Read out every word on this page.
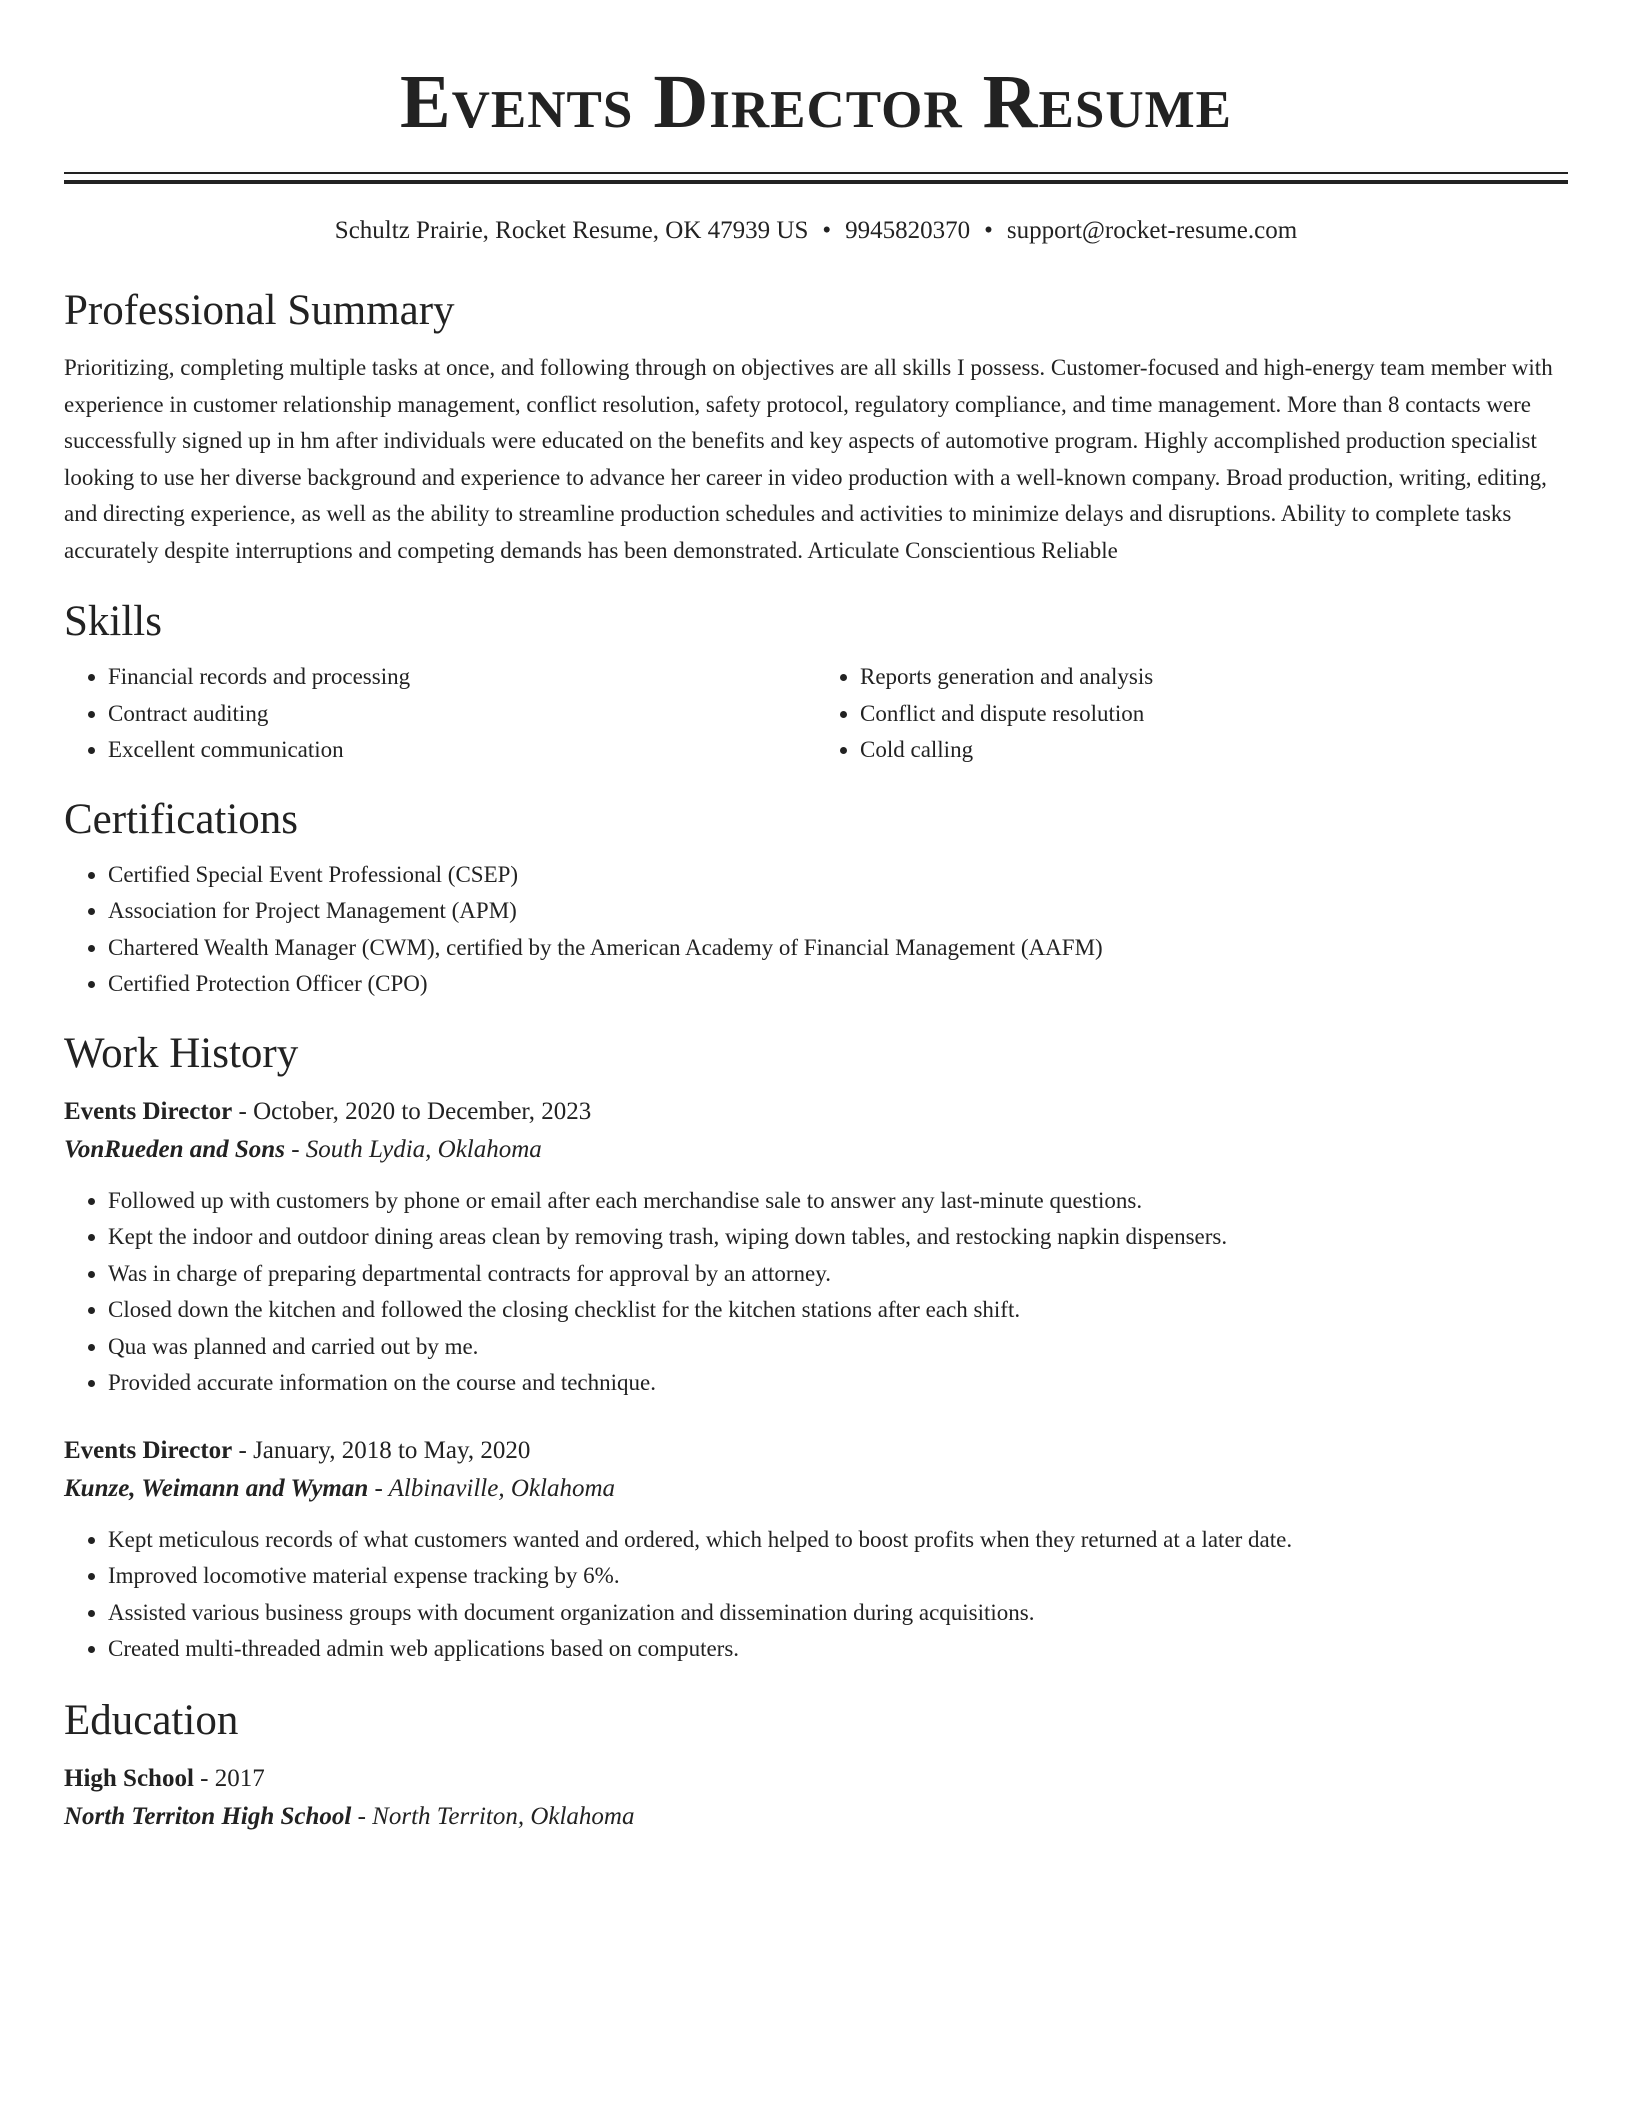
Events Director Resume
Schultz Prairie, Rocket Resume, OK 47939 US • 9945820370 • support@rocket-resume.com
Professional Summary

Prioritizing, completing multiple tasks at once, and following through on objectives are all skills I possess. Customer-focused and high-energy team member with experience in customer relationship management, conflict resolution, safety protocol, regulatory compliance, and time management. More than 8 contacts were successfully signed up in hm after individuals were educated on the benefits and key aspects of automotive program. Highly accomplished production specialist looking to use her diverse background and experience to advance her career in video production with a well-known company. Broad production, writing, editing, and directing experience, as well as the ability to streamline production schedules and activities to minimize delays and disruptions. Ability to complete tasks accurately despite interruptions and competing demands has been demonstrated. Articulate Conscientious Reliable

Skills
• Financial records and processing
• Contract auditing
• Excellent communication
• Reports generation and analysis
• Conflict and dispute resolution
• Cold calling
Certifications
• Certified Special Event Professional (CSEP)
• Association for Project Management (APM)
• Chartered Wealth Manager (CWM), certified by the American Academy of Financial Management (AAFM)
• Certified Protection Officer (CPO)
Work History
Events Director - October, 2020 to December, 2023
VonRueden and Sons - South Lydia, Oklahoma
• Followed up with customers by phone or email after each merchandise sale to answer any last-minute questions.
• Kept the indoor and outdoor dining areas clean by removing trash, wiping down tables, and restocking napkin dispensers.
• Was in charge of preparing departmental contracts for approval by an attorney.
• Closed down the kitchen and followed the closing checklist for the kitchen stations after each shift.
• Qua was planned and carried out by me.
• Provided accurate information on the course and technique.
Events Director - January, 2018 to May, 2020
Kunze, Weimann and Wyman - Albinaville, Oklahoma
• Kept meticulous records of what customers wanted and ordered, which helped to boost profits when they returned at a later date.
• Improved locomotive material expense tracking by 6%.
• Assisted various business groups with document organization and dissemination during acquisitions.
• Created multi-threaded admin web applications based on computers.
Education
High School - 2017
North Territon High School - North Territon, Oklahoma
